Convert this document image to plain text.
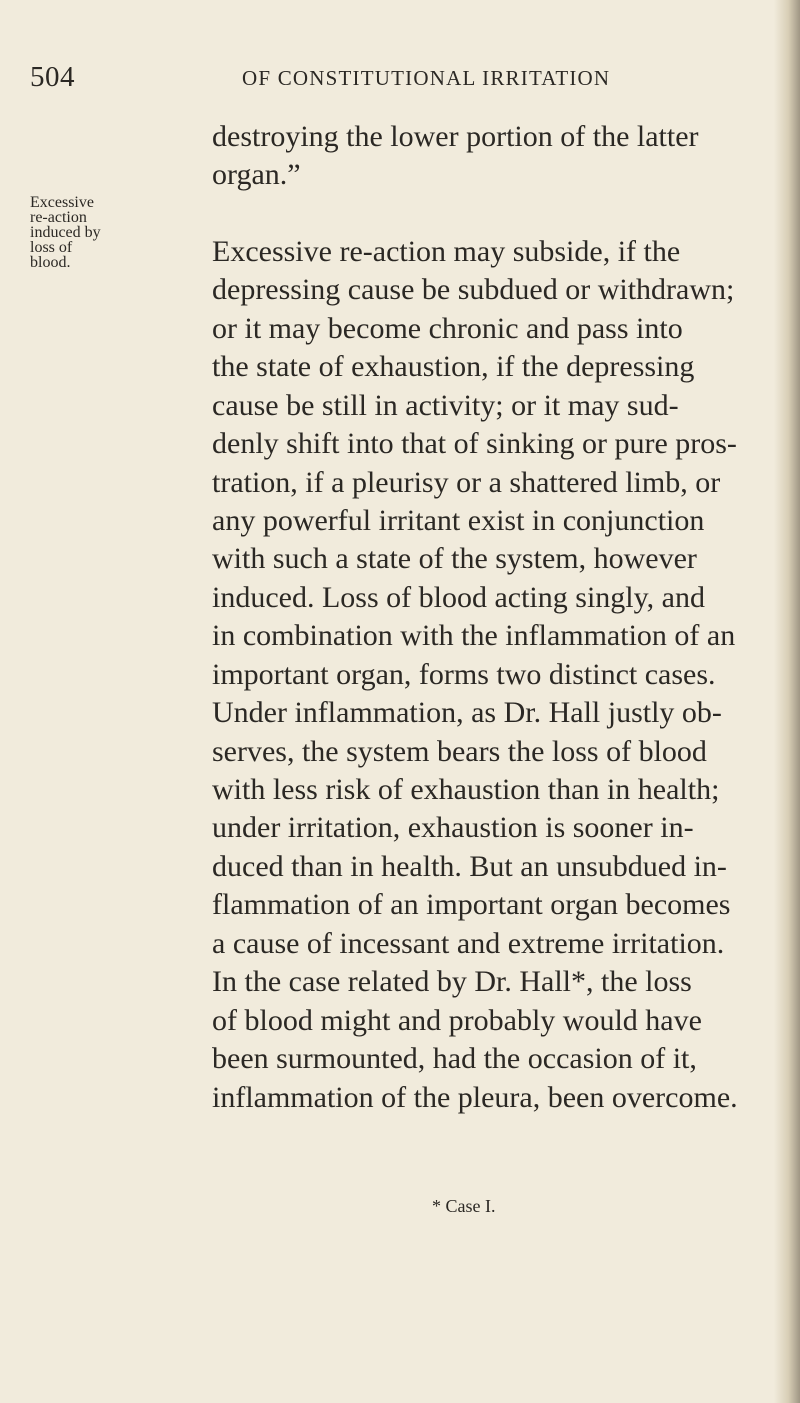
504	OF CONSTITUTIONAL IRRITATION
Excessive
re-action
induced by
loss of
blood.
destroying the lower portion of the latter
organ.”
Excessive re-action may subside, if the
depressing cause be subdued or withdrawn;
or it may become chronic and pass into
the state of exhaustion, if the depressing
cause be still in activity; or it may sud-
denly shift into that of sinking or pure pros-
tration, if a pleurisy or a shattered limb, or
any powerful irritant exist in conjunction
with such a state of the system, however
induced. Loss of blood acting singly, and
in combination with the inflammation of an
important organ, forms two distinct cases.
Under inflammation, as Dr. Hall justly ob-
serves, the system bears the loss of blood
with less risk of exhaustion than in health;
under irritation, exhaustion is sooner in-
duced than in health. But an unsubdued in-
flammation of an important organ becomes
a cause of incessant and extreme irritation.
In the case related by Dr. Hall*, the loss
of blood might and probably would have
been surmounted, had the occasion of it,
inflammation of the pleura, been overcome.
* Case I.
